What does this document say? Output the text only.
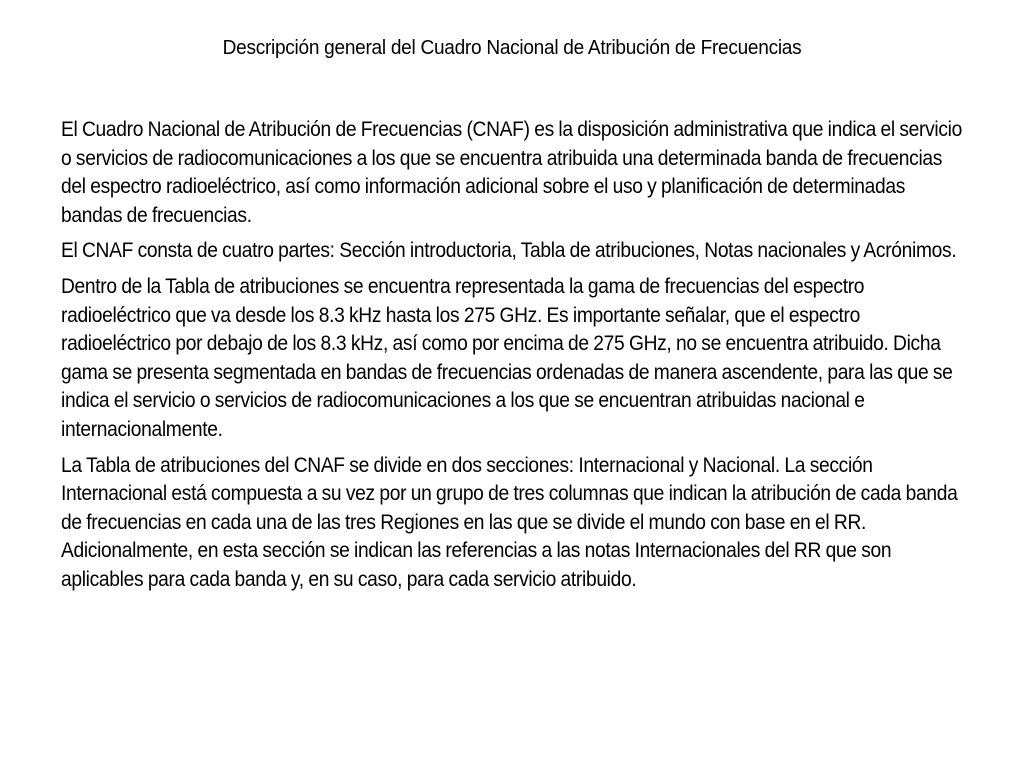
Descripción general del Cuadro Nacional de Atribución de Frecuencias

El Cuadro Nacional de Atribución de Frecuencias (CNAF) es la disposición administrativa que indica el servicio o servicios de radiocomunicaciones a los que se encuentra atribuida una determinada banda de frecuencias del espectro radioeléctrico, así como información adicional sobre el uso y planificación de determinadas bandas de frecuencias.

El CNAF consta de cuatro partes: Sección introductoria, Tabla de atribuciones, Notas nacionales y Acrónimos.

Dentro de la Tabla de atribuciones se encuentra representada la gama de frecuencias del espectro radioeléctrico que va desde los 8.3 kHz hasta los 275 GHz. Es importante señalar, que el espectro radioeléctrico por debajo de los 8.3 kHz, así como por encima de 275 GHz, no se encuentra atribuido. Dicha gama se presenta segmentada en bandas de frecuencias ordenadas de manera ascendente, para las que se indica el servicio o servicios de radiocomunicaciones a los que se encuentran atribuidas nacional e internacionalmente.

La Tabla de atribuciones del CNAF se divide en dos secciones: Internacional y Nacional. La sección Internacional está compuesta a su vez por un grupo de tres columnas que indican la atribución de cada banda de frecuencias en cada una de las tres Regiones en las que se divide el mundo con base en el RR. Adicionalmente, en esta sección se indican las referencias a las notas Internacionales del RR que son aplicables para cada banda y, en su caso, para cada servicio atribuido.
